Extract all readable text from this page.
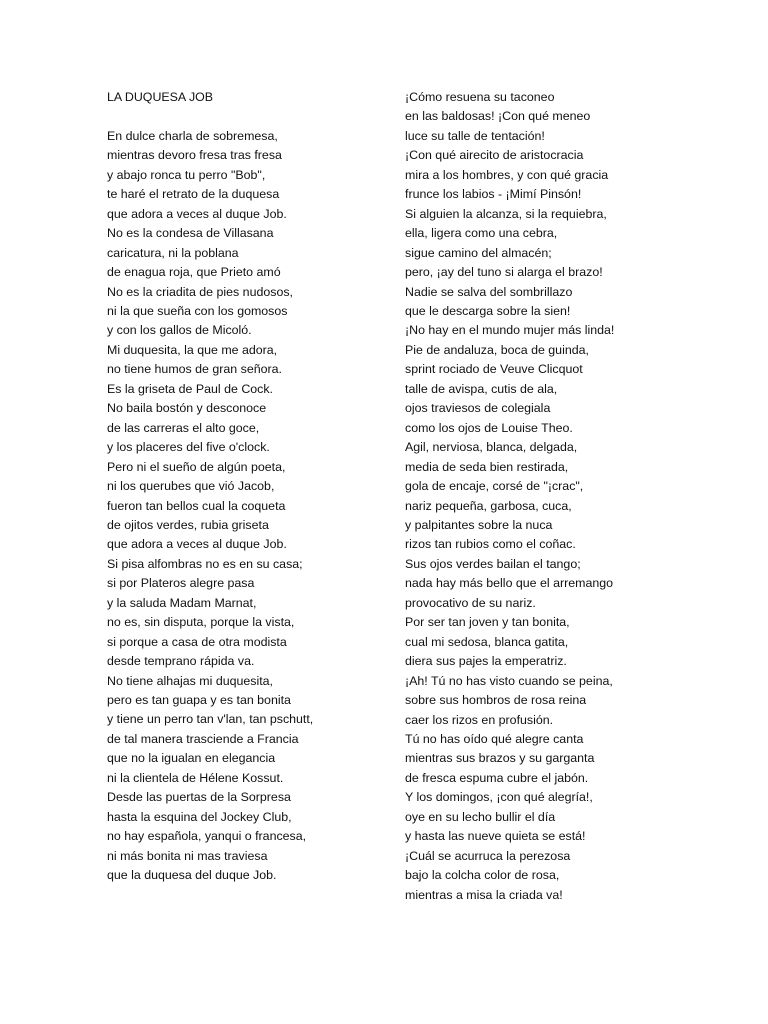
LA DUQUESA JOB
En dulce charla de sobremesa,
mientras devoro fresa tras fresa
y abajo ronca tu perro "Bob",
te haré el retrato de la duquesa
que adora a veces al duque Job.
No es la condesa de Villasana
caricatura, ni la poblana
de enagua roja, que Prieto amó
No es la criadita de pies nudosos,
ni la que sueña con los gomosos
y con los gallos de Micoló.
Mi duquesita, la que me adora,
no tiene humos de gran señora.
Es la griseta de Paul de Cock.
No baila bostón y desconoce
de las carreras el alto goce,
y los placeres del five o'clock.
Pero ni el sueño de algún poeta,
ni los querubes que vió Jacob,
fueron tan bellos cual la coqueta
de ojitos verdes, rubia griseta
que adora a veces al duque Job.
Si pisa alfombras no es en su casa;
si por Plateros alegre pasa
y la saluda Madam Marnat,
no es, sin disputa, porque la vista,
si porque a casa de otra modista
desde temprano rápida va.
No tiene alhajas mi duquesita,
pero es tan guapa y es tan bonita
y tiene un perro tan v'lan, tan pschutt,
de tal manera trasciende a Francia
que no la igualan en elegancia
ni la clientela de Hélene Kossut.
Desde las puertas de la Sorpresa
hasta la esquina del Jockey Club,
no hay española, yanqui o francesa,
ni más bonita ni mas traviesa
que la duquesa del duque Job.
¡Cómo resuena su taconeo
en las baldosas! ¡Con qué meneo
luce su talle de tentación!
¡Con qué airecito de aristocracia
mira a los hombres, y con qué gracia
frunce los labios - ¡Mimí Pinsón!
Si alguien la alcanza, si la requiebra,
ella, ligera como una cebra,
sigue camino del almacén;
pero, ¡ay del tuno si alarga el brazo!
Nadie se salva del sombrillazo
que le descarga sobre la sien!
¡No hay en el mundo mujer más linda!
Pie de andaluza, boca de guinda,
sprint rociado de Veuve Clicquot
talle de avispa, cutis de ala,
ojos traviesos de colegiala
como los ojos de Louise Theo.
Agil, nerviosa, blanca, delgada,
media de seda bien restirada,
gola de encaje, corsé de "¡crac",
nariz pequeña, garbosa, cuca,
y palpitantes sobre la nuca
rizos tan rubios como el coñac.
Sus ojos verdes bailan el tango;
nada hay más bello que el arremango
provocativo de su nariz.
Por ser tan joven y tan bonita,
cual mi sedosa, blanca gatita,
diera sus pajes la emperatriz.
¡Ah! Tú no has visto cuando se peina,
sobre sus hombros de rosa reina
caer los rizos en profusión.
Tú no has oído qué alegre canta
mientras sus brazos y su garganta
de fresca espuma cubre el jabón.
Y los domingos, ¡con qué alegría!,
oye en su lecho bullir el día
y hasta las nueve quieta se está!
¡Cuál se acurruca la perezosa
bajo la colcha color de rosa,
mientras a misa la criada va!
